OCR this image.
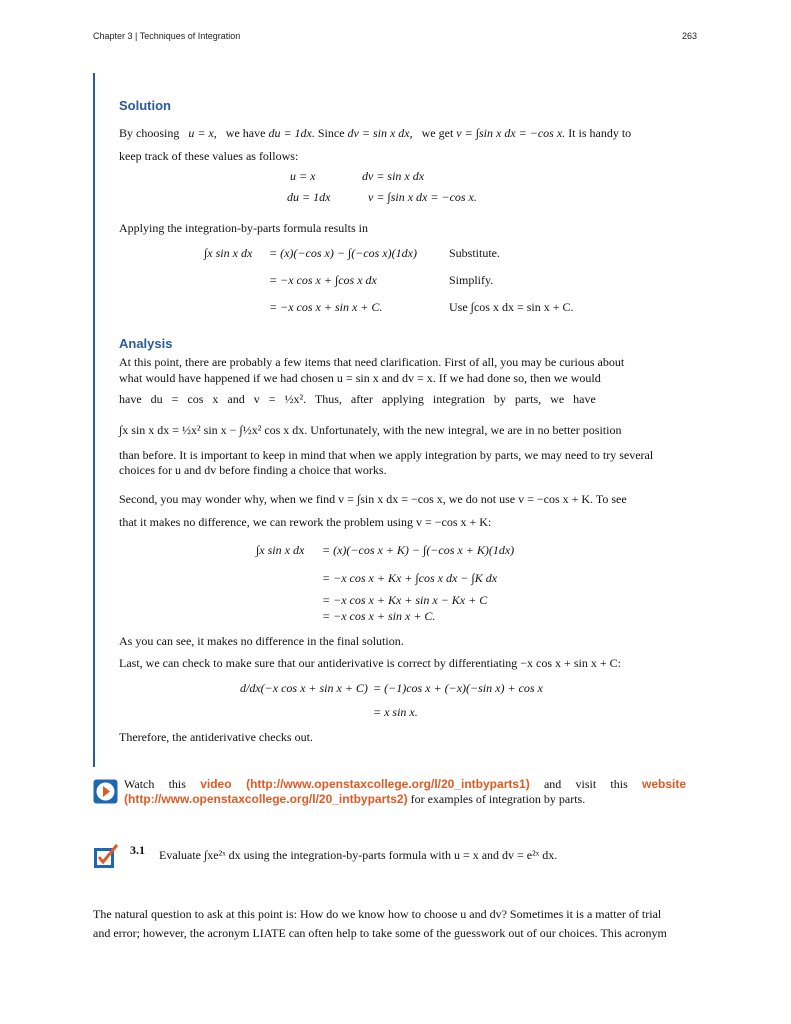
Chapter 3 | Techniques of Integration	263
Solution
By choosing u = x, we have du = 1dx. Since dv = sin x dx, we get v = ∫sin x dx = −cos x. It is handy to
keep track of these values as follows:
u = x	dv = sin x dx
du = 1dx	v = ∫sin x dx = −cos x.
Applying the integration-by-parts formula results in
∫x sin x dx = (x)(−cos x) − ∫(−cos x)(1dx)	Substitute.
= −x cos x + ∫cos x dx	Simplify.
= −x cos x + sin x + C.	Use ∫cos x dx = sin x + C.
Analysis
At this point, there are probably a few items that need clarification. First of all, you may be curious about
what would have happened if we had chosen u = sin x and dv = x. If we had done so, then we would
have du = cos x and v = ½x². Thus, after applying integration by parts, we have
∫x sin x dx = ½x² sin x − ∫½x² cos x dx. Unfortunately, with the new integral, we are in no better position
than before. It is important to keep in mind that when we apply integration by parts, we may need to try several
choices for u and dv before finding a choice that works.
Second, you may wonder why, when we find v = ∫sin x dx = −cos x, we do not use v = −cos x + K. To see
that it makes no difference, we can rework the problem using v = −cos x + K:
∫x sin x dx = (x)(−cos x + K) − ∫(−cos x + K)(1dx)
= −x cos x + Kx + ∫cos x dx − ∫K dx
= −x cos x + Kx + sin x − Kx + C
= −x cos x + sin x + C.
As you can see, it makes no difference in the final solution.
Last, we can check to make sure that our antiderivative is correct by differentiating −x cos x + sin x + C:
d/dx(−x cos x + sin x + C) = (−1)cos x + (−x)(−sin x) + cos x
= x sin x.
Therefore, the antiderivative checks out.
Watch this video (http://www.openstaxcollege.org/l/20_intbyparts1) and visit this website (http://www.openstaxcollege.org/l/20_intbyparts2) for examples of integration by parts.
3.1 Evaluate ∫xe²ˣ dx using the integration-by-parts formula with u = x and dv = e²ˣ dx.
The natural question to ask at this point is: How do we know how to choose u and dv? Sometimes it is a matter of trial
and error; however, the acronym LIATE can often help to take some of the guesswork out of our choices. This acronym
